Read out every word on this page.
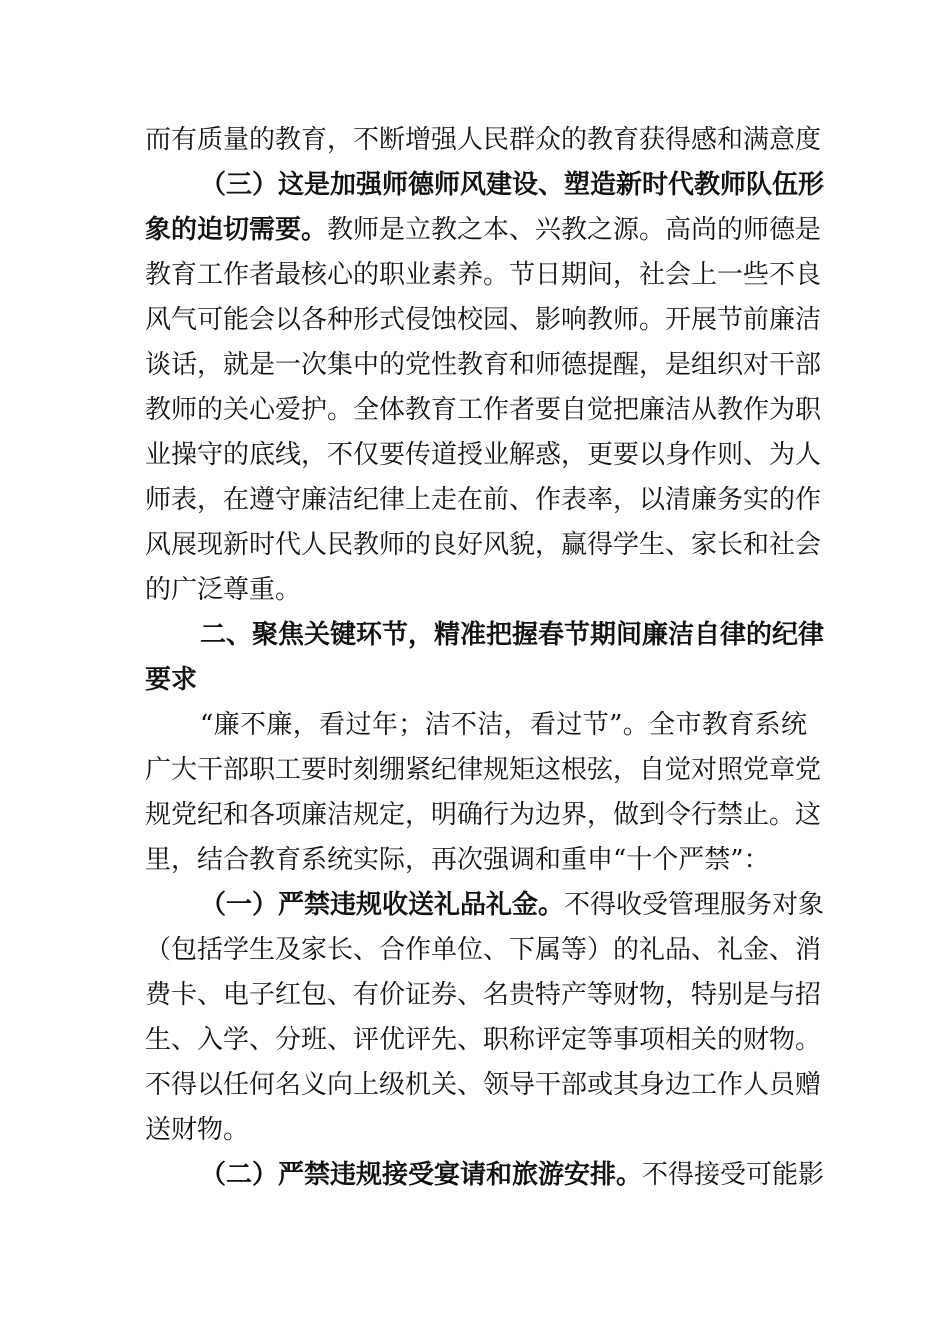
而有质量的教育，不断增强人民群众的教育获得感和满意度
（三）这是加强师德师风建设、塑造新时代教师队伍形
象的迫切需要。教师是立教之本、兴教之源。高尚的师德是
教育工作者最核心的职业素养。节日期间，社会上一些不良
风气可能会以各种形式侵蚀校园、影响教师。开展节前廉洁
谈话，就是一次集中的党性教育和师德提醒，是组织对干部
教师的关心爱护。全体教育工作者要自觉把廉洁从教作为职
业操守的底线，不仅要传道授业解惑，更要以身作则、为人
师表，在遵守廉洁纪律上走在前、作表率，以清廉务实的作
风展现新时代人民教师的良好风貌，赢得学生、家长和社会
的广泛尊重。
二、聚焦关键环节，精准把握春节期间廉洁自律的纪律
要求
“廉不廉，看过年；洁不洁，看过节”。全市教育系统
广大干部职工要时刻绷紧纪律规矩这根弦，自觉对照党章党
规党纪和各项廉洁规定，明确行为边界，做到令行禁止。这
里，结合教育系统实际，再次强调和重申“十个严禁”：
（一）严禁违规收送礼品礼金。不得收受管理服务对象
（包括学生及家长、合作单位、下属等）的礼品、礼金、消
费卡、电子红包、有价证券、名贵特产等财物，特别是与招
生、入学、分班、评优评先、职称评定等事项相关的财物。
不得以任何名义向上级机关、领导干部或其身边工作人员赠
送财物。
（二）严禁违规接受宴请和旅游安排。不得接受可能影
